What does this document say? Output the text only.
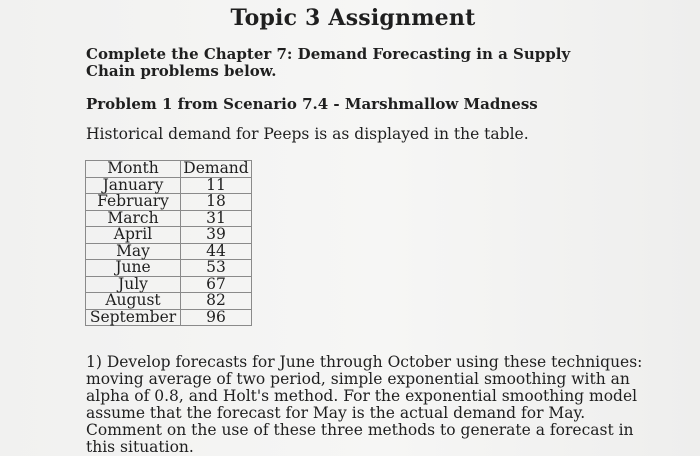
Topic 3 Assignment
Complete the Chapter 7: Demand Forecasting in a Supply Chain problems below.
Problem 1 from Scenario 7.4 - Marshmallow Madness
Historical demand for Peeps is as displayed in the table.
Month	Demand
January	11
February	18
March	31
April	39
May	44
June	53
July	67
August	82
September	96
1) Develop forecasts for June through October using these techniques: moving average of two period, simple exponential smoothing with an alpha of 0.8, and Holt's method. For the exponential smoothing model assume that the forecast for May is the actual demand for May. Comment on the use of these three methods to generate a forecast in this situation.
